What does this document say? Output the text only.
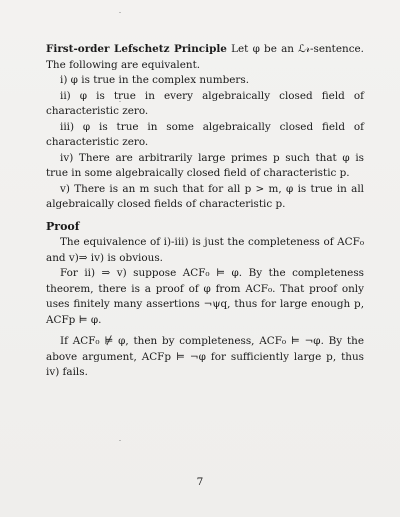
First-order Lefschetz Principle Let φ be an ℒ𝓇-sentence. The following are equivalent.

i) φ is true in the complex numbers.

ii) φ is true in every algebraically closed field of characteristic zero.

iii) φ is true in some algebraically closed field of characteristic zero.

iv) There are arbitrarily large primes p such that φ is true in some algebraically closed field of characteristic p.

v) There is an m such that for all p > m, φ is true in all algebraically closed fields of characteristic p.

Proof

The equivalence of i)-iii) is just the completeness of ACF₀ and v)⇒ iv) is obvious.

For ii) ⇒ v) suppose ACF₀ ⊨ φ. By the completeness theorem, there is a proof of φ from ACF₀. That proof only uses finitely many assertions ¬ψq, thus for large enough p, ACFp ⊨ φ.

If ACF₀ ⊭ φ, then by completeness, ACF₀ ⊨ ¬φ. By the above argument, ACFp ⊨ ¬φ for sufficiently large p, thus iv) fails.

7
